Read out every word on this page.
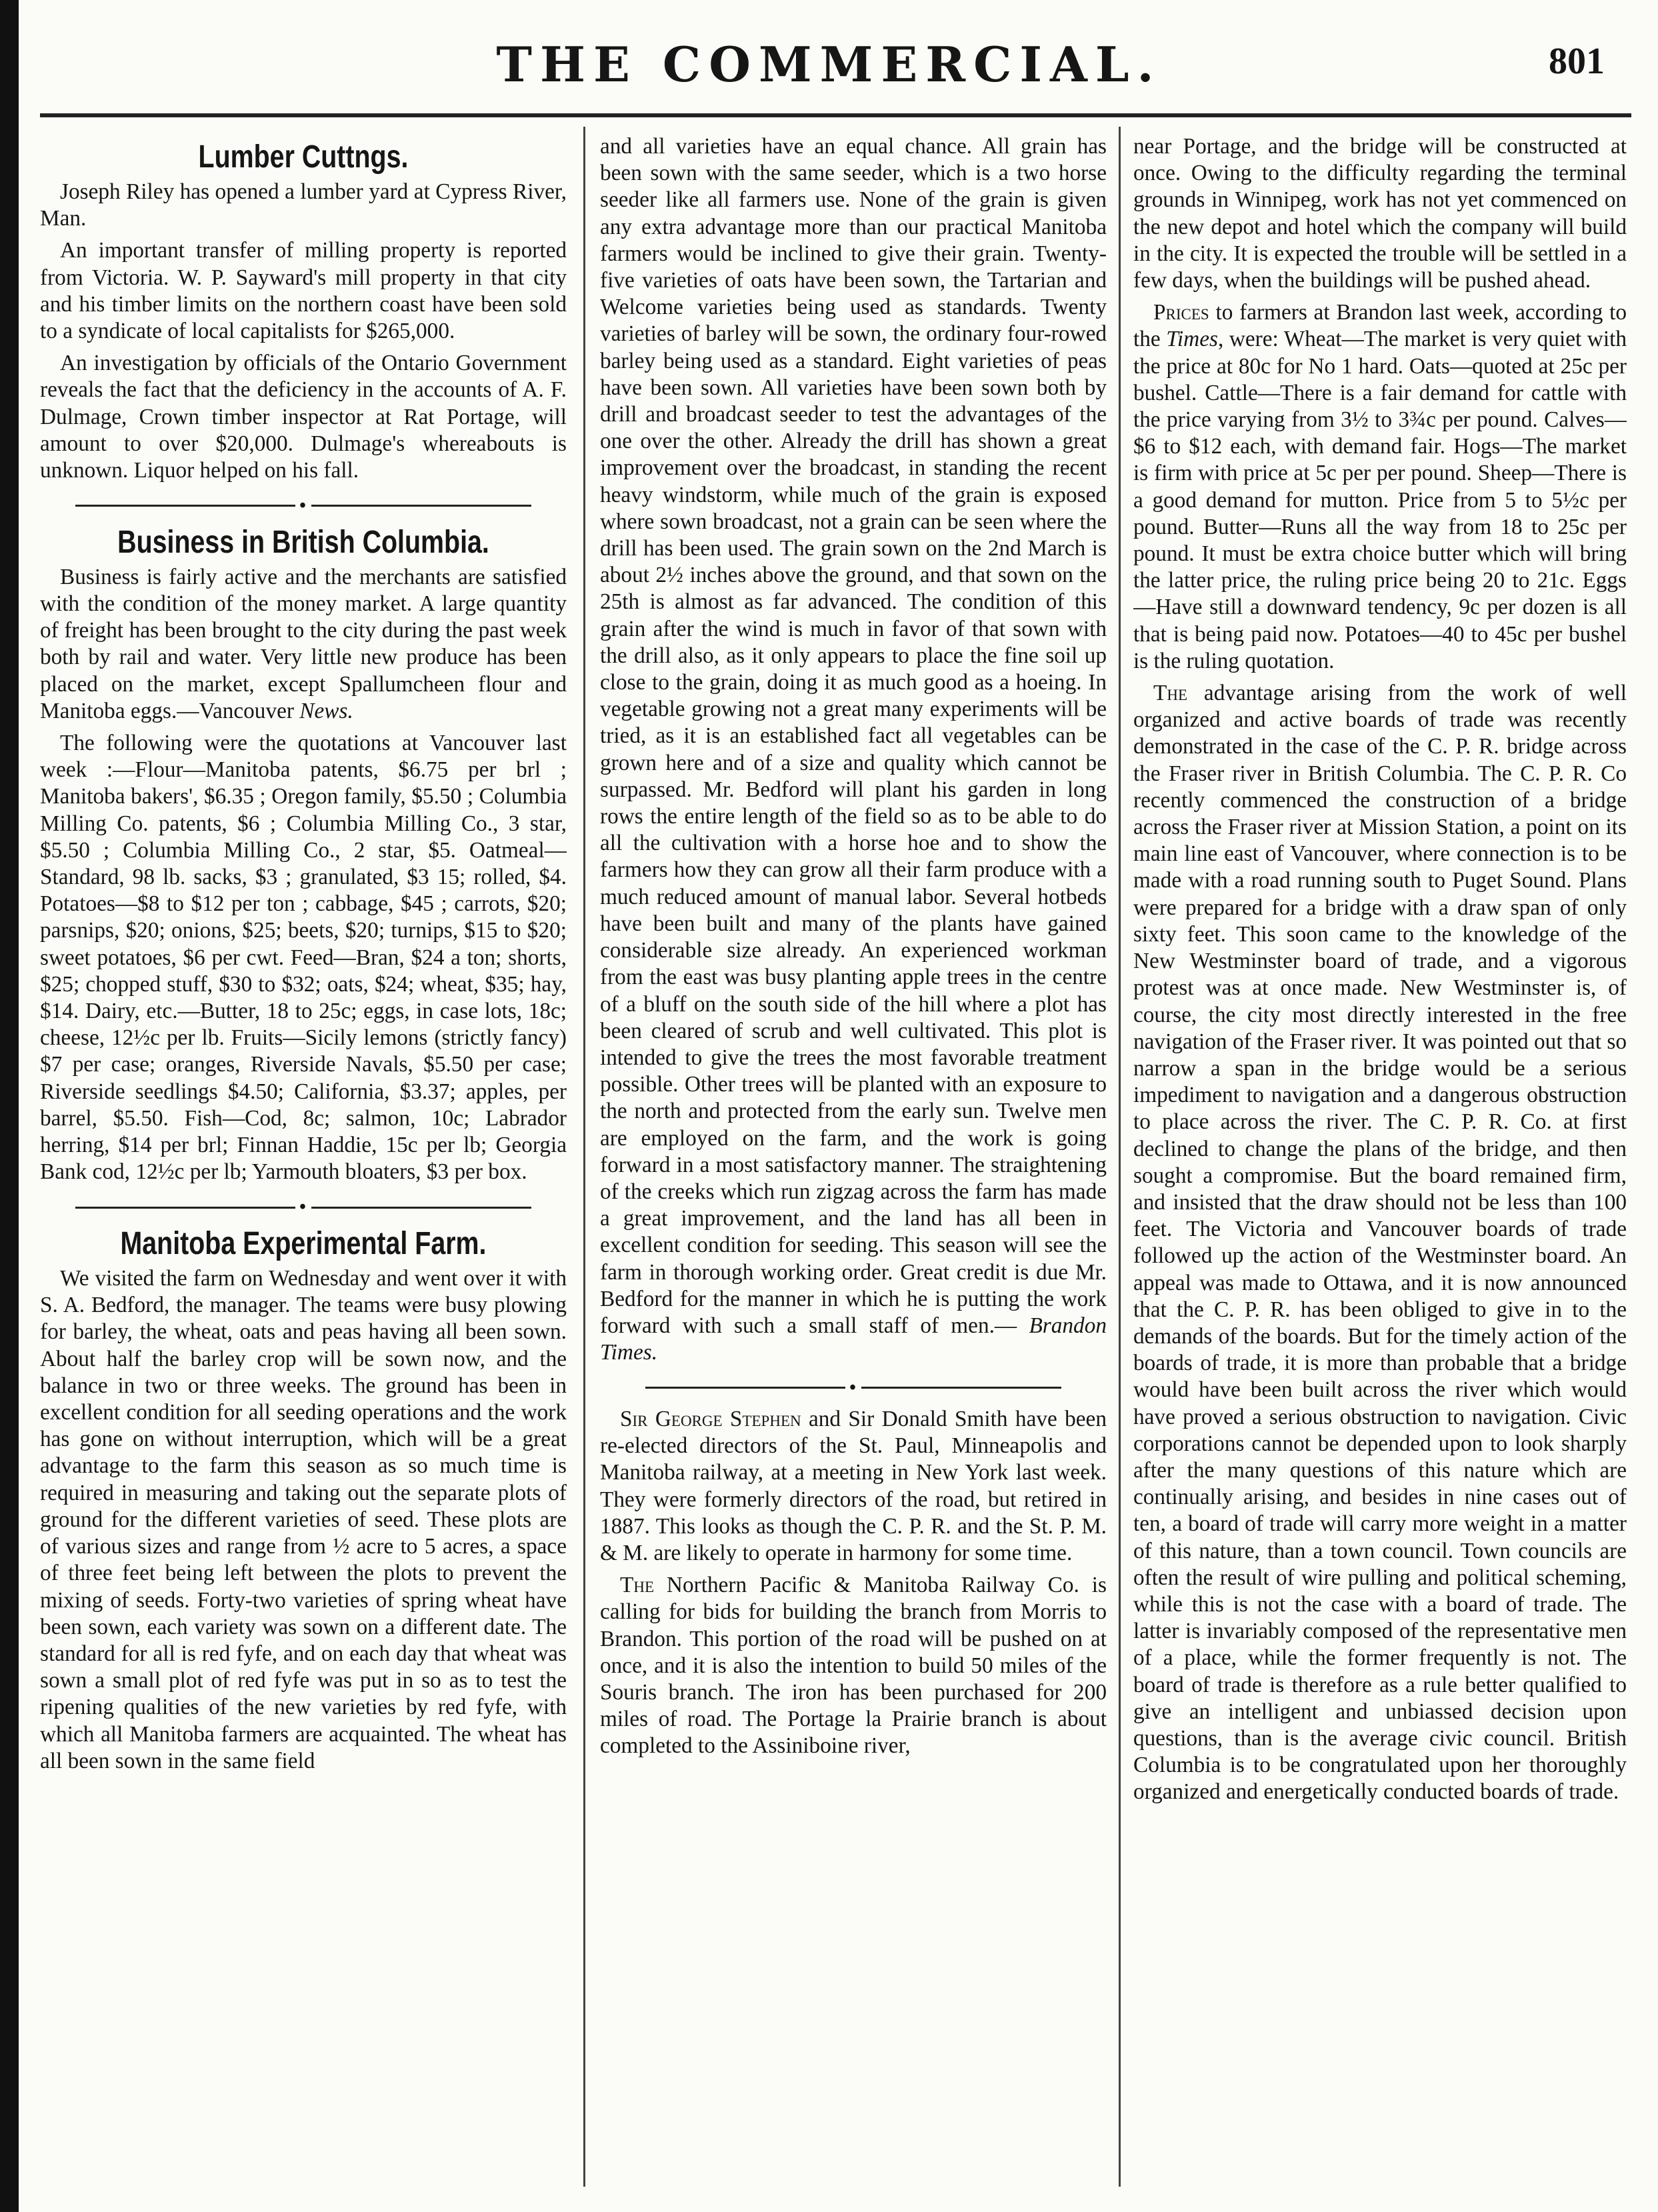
THE COMMERCIAL.	801
Lumber Cuttngs.

Joseph Riley has opened a lumber yard at Cypress River, Man.

An important transfer of milling property is reported from Victoria. W. P. Sayward's mill property in that city and his timber limits on the northern coast have been sold to a syndicate of local capitalists for $265,000.

An investigation by officials of the Ontario Government reveals the fact that the deficiency in the accounts of A. F. Dulmage, Crown timber inspector at Rat Portage, will amount to over $20,000. Dulmage's whereabouts is unknown. Liquor helped on his fall.

•
Business in British Columbia.

Business is fairly active and the merchants are satisfied with the condition of the money market. A large quantity of freight has been brought to the city during the past week both by rail and water. Very little new produce has been placed on the market, except Spallumcheen flour and Manitoba eggs.—Vancouver News.

The following were the quotations at Vancouver last week :—Flour—Manitoba patents, $6.75 per brl ; Manitoba bakers', $6.35 ; Oregon family, $5.50 ; Columbia Milling Co. patents, $6 ; Columbia Milling Co., 3 star, $5.50 ; Columbia Milling Co., 2 star, $5. Oatmeal—Standard, 98 lb. sacks, $3 ; granulated, $3 15; rolled, $4. Potatoes—$8 to $12 per ton ; cabbage, $45 ; carrots, $20; parsnips, $20; onions, $25; beets, $20; turnips, $15 to $20; sweet potatoes, $6 per cwt. Feed—Bran, $24 a ton; shorts, $25; chopped stuff, $30 to $32; oats, $24; wheat, $35; hay, $14. Dairy, etc.—Butter, 18 to 25c; eggs, in case lots, 18c; cheese, 12½c per lb. Fruits—Sicily lemons (strictly fancy) $7 per case; oranges, Riverside Navals, $5.50 per case; Riverside seedlings $4.50; California, $3.37; apples, per barrel, $5.50. Fish—Cod, 8c; salmon, 10c; Labrador herring, $14 per brl; Finnan Haddie, 15c per lb; Georgia Bank cod, 12½c per lb; Yarmouth bloaters, $3 per box.

•
Manitoba Experimental Farm.

We visited the farm on Wednesday and went over it with S. A. Bedford, the manager. The teams were busy plowing for barley, the wheat, oats and peas having all been sown. About half the barley crop will be sown now, and the balance in two or three weeks. The ground has been in excellent condition for all seeding operations and the work has gone on without interruption, which will be a great advantage to the farm this season as so much time is required in measuring and taking out the separate plots of ground for the different varieties of seed. These plots are of various sizes and range from ½ acre to 5 acres, a space of three feet being left between the plots to prevent the mixing of seeds. Forty-two varieties of spring wheat have been sown, each variety was sown on a different date. The standard for all is red fyfe, and on each day that wheat was sown a small plot of red fyfe was put in so as to test the ripening qualities of the new varieties by red fyfe, with which all Manitoba farmers are acquainted. The wheat has all been sown in the same field

and all varieties have an equal chance. All grain has been sown with the same seeder, which is a two horse seeder like all farmers use. None of the grain is given any extra advantage more than our practical Manitoba farmers would be inclined to give their grain. Twenty-five varieties of oats have been sown, the Tartarian and Welcome varieties being used as standards. Twenty varieties of barley will be sown, the ordinary four-rowed barley being used as a standard. Eight varieties of peas have been sown. All varieties have been sown both by drill and broadcast seeder to test the advantages of the one over the other. Already the drill has shown a great improvement over the broadcast, in standing the recent heavy windstorm, while much of the grain is exposed where sown broadcast, not a grain can be seen where the drill has been used. The grain sown on the 2nd March is about 2½ inches above the ground, and that sown on the 25th is almost as far advanced. The condition of this grain after the wind is much in favor of that sown with the drill also, as it only appears to place the fine soil up close to the grain, doing it as much good as a hoeing. In vegetable growing not a great many experiments will be tried, as it is an established fact all vegetables can be grown here and of a size and quality which cannot be surpassed. Mr. Bedford will plant his garden in long rows the entire length of the field so as to be able to do all the cultivation with a horse hoe and to show the farmers how they can grow all their farm produce with a much reduced amount of manual labor. Several hotbeds have been built and many of the plants have gained considerable size already. An experienced workman from the east was busy planting apple trees in the centre of a bluff on the south side of the hill where a plot has been cleared of scrub and well cultivated. This plot is intended to give the trees the most favorable treatment possible. Other trees will be planted with an exposure to the north and protected from the early sun. Twelve men are employed on the farm, and the work is going forward in a most satisfactory manner. The straightening of the creeks which run zigzag across the farm has made a great improvement, and the land has all been in excellent condition for seeding. This season will see the farm in thorough working order. Great credit is due Mr. Bedford for the manner in which he is putting the work forward with such a small staff of men.— Brandon Times.

•

Sir George Stephen and Sir Donald Smith have been re-elected directors of the St. Paul, Minneapolis and Manitoba railway, at a meeting in New York last week. They were formerly directors of the road, but retired in 1887. This looks as though the C. P. R. and the St. P. M. & M. are likely to operate in harmony for some time.

The Northern Pacific & Manitoba Railway Co. is calling for bids for building the branch from Morris to Brandon. This portion of the road will be pushed on at once, and it is also the intention to build 50 miles of the Souris branch. The iron has been purchased for 200 miles of road. The Portage la Prairie branch is about completed to the Assiniboine river,

near Portage, and the bridge will be constructed at once. Owing to the difficulty regarding the terminal grounds in Winnipeg, work has not yet commenced on the new depot and hotel which the company will build in the city. It is expected the trouble will be settled in a few days, when the buildings will be pushed ahead.

Prices to farmers at Brandon last week, according to the Times, were: Wheat—The market is very quiet with the price at 80c for No 1 hard. Oats—quoted at 25c per bushel. Cattle—There is a fair demand for cattle with the price varying from 3½ to 3¾c per pound. Calves—$6 to $12 each, with demand fair. Hogs—The market is firm with price at 5c per per pound. Sheep—There is a good demand for mutton. Price from 5 to 5½c per pound. Butter—Runs all the way from 18 to 25c per pound. It must be extra choice butter which will bring the latter price, the ruling price being 20 to 21c. Eggs—Have still a downward tendency, 9c per dozen is all that is being paid now. Potatoes—40 to 45c per bushel is the ruling quotation.

The advantage arising from the work of well organized and active boards of trade was recently demonstrated in the case of the C. P. R. bridge across the Fraser river in British Columbia. The C. P. R. Co recently commenced the construction of a bridge across the Fraser river at Mission Station, a point on its main line east of Vancouver, where connection is to be made with a road running south to Puget Sound. Plans were prepared for a bridge with a draw span of only sixty feet. This soon came to the knowledge of the New Westminster board of trade, and a vigorous protest was at once made. New Westminster is, of course, the city most directly interested in the free navigation of the Fraser river. It was pointed out that so narrow a span in the bridge would be a serious impediment to navigation and a dangerous obstruction to place across the river. The C. P. R. Co. at first declined to change the plans of the bridge, and then sought a compromise. But the board remained firm, and insisted that the draw should not be less than 100 feet. The Victoria and Vancouver boards of trade followed up the action of the Westminster board. An appeal was made to Ottawa, and it is now announced that the C. P. R. has been obliged to give in to the demands of the boards. But for the timely action of the boards of trade, it is more than probable that a bridge would have been built across the river which would have proved a serious obstruction to navigation. Civic corporations cannot be depended upon to look sharply after the many questions of this nature which are continually arising, and besides in nine cases out of ten, a board of trade will carry more weight in a matter of this nature, than a town council. Town councils are often the result of wire pulling and political scheming, while this is not the case with a board of trade. The latter is invariably composed of the representative men of a place, while the former frequently is not. The board of trade is therefore as a rule better qualified to give an intelligent and unbiassed decision upon questions, than is the average civic council. British Columbia is to be congratulated upon her thoroughly organized and energetically conducted boards of trade.
